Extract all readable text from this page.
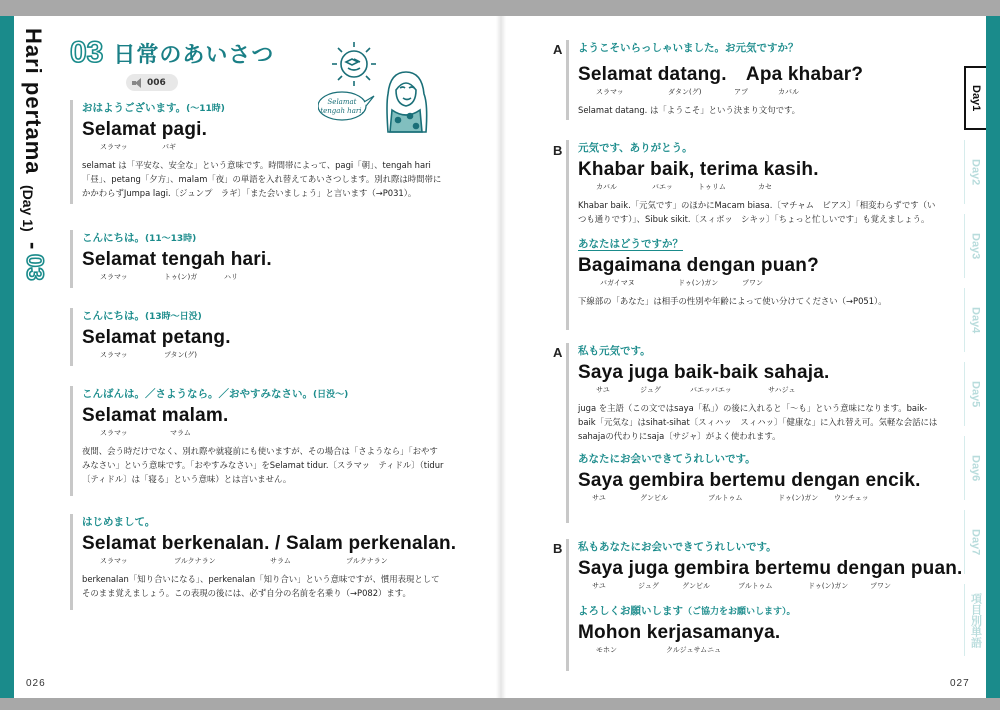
Hari pertama (Day 1) - 03
03 日常のあいさつ
006
Selamat
tengah hari.
おはようございます。(〜11時)
Selamat pagi.
スラマッ	パギ
selamat は「平安な、安全な」という意味です。時間帯によって、pagi「朝」、tengah hari「昼」、petang「夕方」、malam「夜」の単語を入れ替えてあいさつします。別れ際は時間帯にかかわらずJumpa lagi.〔ジュンプ　ラギ〕「また会いましょう」と言います（→P031）。
こんにちは。(11〜13時)
Selamat tengah hari.
スラマッ	トゥ(ン)ガ	ハリ
こんにちは。(13時〜日没)
Selamat petang.
スラマッ	プタン(グ)
こんばんは。／さようなら。／おやすみなさい。(日没〜)
Selamat malam.
スラマッ	マラム
夜間、会う時だけでなく、別れ際や就寝前にも使いますが、その場合は「さようなら」「おやすみなさい」という意味です。「おやすみなさい」をSelamat tidur.〔スラマッ　ティドル〕（tidur〔ティドル〕は「寝る」という意味）とは言いません。
はじめまして。
Selamat berkenalan. / Salam perkenalan.
スラマッ	ブルクナラン	サラム	プルクナラン
berkenalan「知り合いになる」、perkenalan「知り合い」という意味ですが、慣用表現としてそのまま覚えましょう。この表現の後には、必ず自分の名前を名乗り（→P082）ます。
026
A ようこそいらっしゃいました。お元気ですか？
Selamat datang.　Apa khabar?
スラマッ	ダタン(グ)	アプ	カバル
Selamat datang. は「ようこそ」という決まり文句です。
B 元気です、ありがとう。
Khabar baik, terima kasih.
カバル	バエッ	トゥリム	カセ
Khabar baik.「元気です」のほかにMacam biasa.〔マチャム　ビアス〕「相変わらずです（いつも通りです）」、Sibuk sikit.〔スィボッ　シキッ〕「ちょっと忙しいです」も覚えましょう。
あなたはどうですか？
Bagaimana dengan puan?
バガイマヌ	ドゥ(ン)ガン	プワン
下線部の「あなた」は相手の性別や年齢によって使い分けてください（→P051）。
A 私も元気です。
Saya juga baik-baik sahaja.
サユ	ジュグ	バエッバエッ	サハジュ
juga を主語（この文ではsaya「私」）の後に入れると「〜も」という意味になります。baik-baik「元気な」はsihat-sihat〔スィハッ　スィハッ〕「健康な」に入れ替え可。気軽な会話にはsahajaの代わりにsaja〔サジャ〕がよく使われます。
あなたにお会いできてうれしいです。
Saya gembira bertemu dengan encik.
サユ	グンビル	ブルトゥム	ドゥ(ン)ガン ウンチェッ
B 私もあなたにお会いできてうれしいです。
Saya juga gembira bertemu dengan puan.
サユ	ジュグ	グンビル	ブルトゥム	ドゥ(ン)ガン	プワン
よろしくお願いします（ご協力をお願いします）。
Mohon kerjasamanya.
モホン	クルジュサムニュ
027
Day1
Day2
Day3
Day4
Day5
Day6
Day7
項目別単語
